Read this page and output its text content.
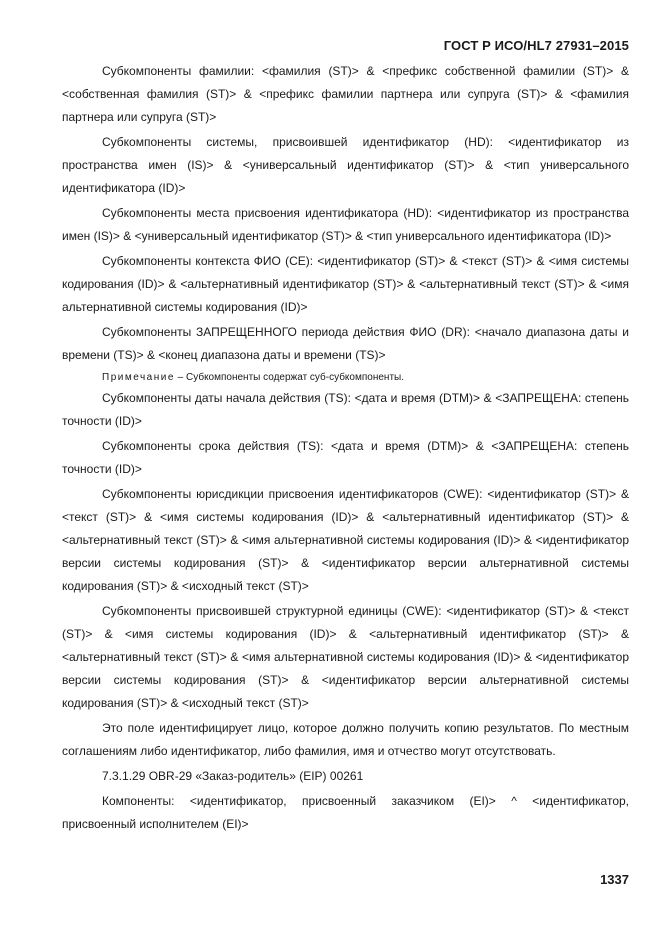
ГОСТ Р ИСО/HL7 27931–2015

Субкомпоненты фамилии: <фамилия (ST)> & <префикс собственной фамилии (ST)> & <собственная фамилия (ST)> & <префикс фамилии партнера или супруга (ST)> & <фамилия партнера или супруга (ST)>

Субкомпоненты системы, присвоившей идентификатор (HD): <идентификатор из пространства имен (IS)> & <универсальный идентификатор (ST)> & <тип универсального идентификатора (ID)>

Субкомпоненты места присвоения идентификатора (HD): <идентификатор из пространства имен (IS)> & <универсальный идентификатор (ST)> & <тип универсального идентификатора (ID)>

Субкомпоненты контекста ФИО (CE): <идентификатор (ST)> & <текст (ST)> & <имя системы кодирования (ID)> & <альтернативный идентификатор (ST)> & <альтернативный текст (ST)> & <имя альтернативной системы кодирования (ID)>

Субкомпоненты ЗАПРЕЩЕННОГО периода действия ФИО (DR): <начало диапазона даты и времени (TS)> & <конец диапазона даты и времени (TS)>

Примечание – Субкомпоненты содержат суб-субкомпоненты.

Субкомпоненты даты начала действия (TS): <дата и время (DTM)> & <ЗАПРЕЩЕНА: степень точности (ID)>

Субкомпоненты срока действия (TS): <дата и время (DTM)> & <ЗАПРЕЩЕНА: степень точности (ID)>

Субкомпоненты юрисдикции присвоения идентификаторов (CWE): <идентификатор (ST)> & <текст (ST)> & <имя системы кодирования (ID)> & <альтернативный идентификатор (ST)> & <альтернативный текст (ST)> & <имя альтернативной системы кодирования (ID)> & <идентификатор версии системы кодирования (ST)> & <идентификатор версии альтернативной системы кодирования (ST)> & <исходный текст (ST)>

Субкомпоненты присвоившей структурной единицы (CWE): <идентификатор (ST)> & <текст (ST)> & <имя системы кодирования (ID)> & <альтернативный идентификатор (ST)> & <альтернативный текст (ST)> & <имя альтернативной системы кодирования (ID)> & <идентификатор версии системы кодирования (ST)> & <идентификатор версии альтернативной системы кодирования (ST)> & <исходный текст (ST)>

Это поле идентифицирует лицо, которое должно получить копию результатов. По местным соглашениям либо идентификатор, либо фамилия, имя и отчество могут отсутствовать.

7.3.1.29 OBR-29 «Заказ-родитель» (EIP) 00261

Компоненты: <идентификатор, присвоенный заказчиком (EI)> ^ <идентификатор, присвоенный исполнителем (EI)>

1337
